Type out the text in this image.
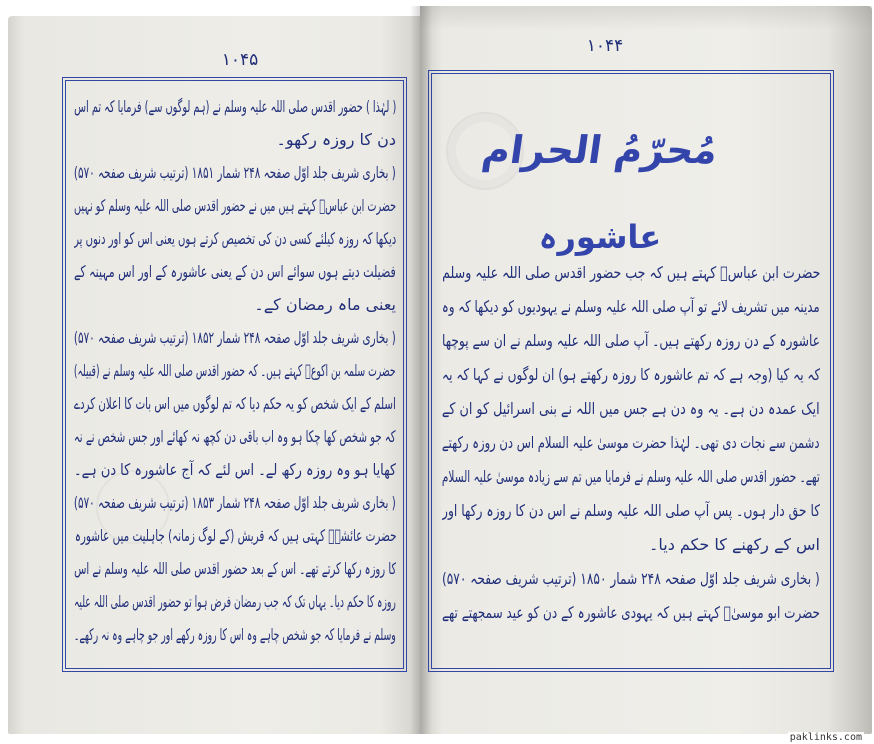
۱۰۴۵
۱۰۴۴
مُحرّمُ الحرام
عاشورہ
( لہٰذا ) حضور اقدس صلی اللہ علیہ وسلم نے (ہم لوگوں سے) فرمایا کہ تم اس
دن کا روزہ رکھو۔
( بخاری شریف جلد اوّل صفحہ ۲۴۸ شمار ۱۸۵۱ (ترتیب شریف صفحہ ۵۷۰)
حضرت ابن عباسؓ کہتے ہیں میں نے حضور اقدس صلی اللہ علیہ وسلم کو نہیں
دیکھا کہ روزہ کیلئے کسی دن کی تخصیص کرتے ہوں یعنی اس کو اور دنوں پر
فضیلت دیتے ہوں سوائے اس دن کے یعنی عاشورہ کے اور اس مہینہ کے
یعنی ماہ رمضان کے۔
( بخاری شریف جلد اوّل صفحہ ۲۴۸ شمار ۱۸۵۲ (ترتیب شریف صفحہ ۵۷۰)
حضرت سلمہ بن اکوعؓ کہتے ہیں۔ کہ حضور اقدس صلی اللہ علیہ وسلم نے (قبیلہ)
اسلم کے ایک شخص کو یہ حکم دیا کہ تم لوگوں میں اس بات کا اعلان کردے
کہ جو شخص کھا چکا ہو وہ اب باقی دن کچھ نہ کھائے اور جس شخص نے نہ
کھایا ہو وہ روزہ رکھ لے۔ اس لئے کہ آج عاشورہ کا دن ہے۔
( بخاری شریف جلد اوّل صفحہ ۲۴۸ شمار ۱۸۵۳ (ترتیب شریف صفحہ ۵۷۰)
حضرت عائشہؓ کہتی ہیں کہ قریش (کے لوگ زمانہ) جاہلیت میں عاشورہ
کا روزہ رکھا کرتے تھے۔ اس کے بعد حضور اقدس صلی اللہ علیہ وسلم نے اس
روزہ کا حکم دیا۔ یہاں تک کہ جب رمضان فرض ہوا تو حضور اقدس صلی اللہ علیہ
وسلم نے فرمایا کہ جو شخص چاہے وہ اس کا روزہ رکھے اور جو چاہے وہ نہ رکھے۔
حضرت ابن عباسؓ کہتے ہیں کہ جب حضور اقدس صلی اللہ علیہ وسلم
مدینہ میں تشریف لائے تو آپ صلی اللہ علیہ وسلم نے یہودیوں کو دیکھا کہ وہ
عاشورہ کے دن روزہ رکھتے ہیں۔ آپ صلی اللہ علیہ وسلم نے ان سے پوچھا
کہ یہ کیا (وجہ ہے کہ تم عاشورہ کا روزہ رکھتے ہو) ان لوگوں نے کہا کہ یہ
ایک عمدہ دن ہے۔ یہ وہ دن ہے جس میں اللہ نے بنی اسرائیل کو ان کے
دشمن سے نجات دی تھی۔ لہٰذا حضرت موسیٰ علیہ السلام اس دن روزہ رکھتے
تھے۔ حضور اقدس صلی اللہ علیہ وسلم نے فرمایا میں تم سے زیادہ موسیٰ علیہ السلام
کا حق دار ہوں۔ پس آپ صلی اللہ علیہ وسلم نے اس دن کا روزہ رکھا اور
اس کے رکھنے کا حکم دیا۔
( بخاری شریف جلد اوّل صفحہ ۲۴۸ شمار ۱۸۵۰ (ترتیب شریف صفحہ ۵۷۰)
حضرت ابو موسیٰؓ کہتے ہیں کہ یہودی عاشورہ کے دن کو عید سمجھتے تھے
paklinks.com
